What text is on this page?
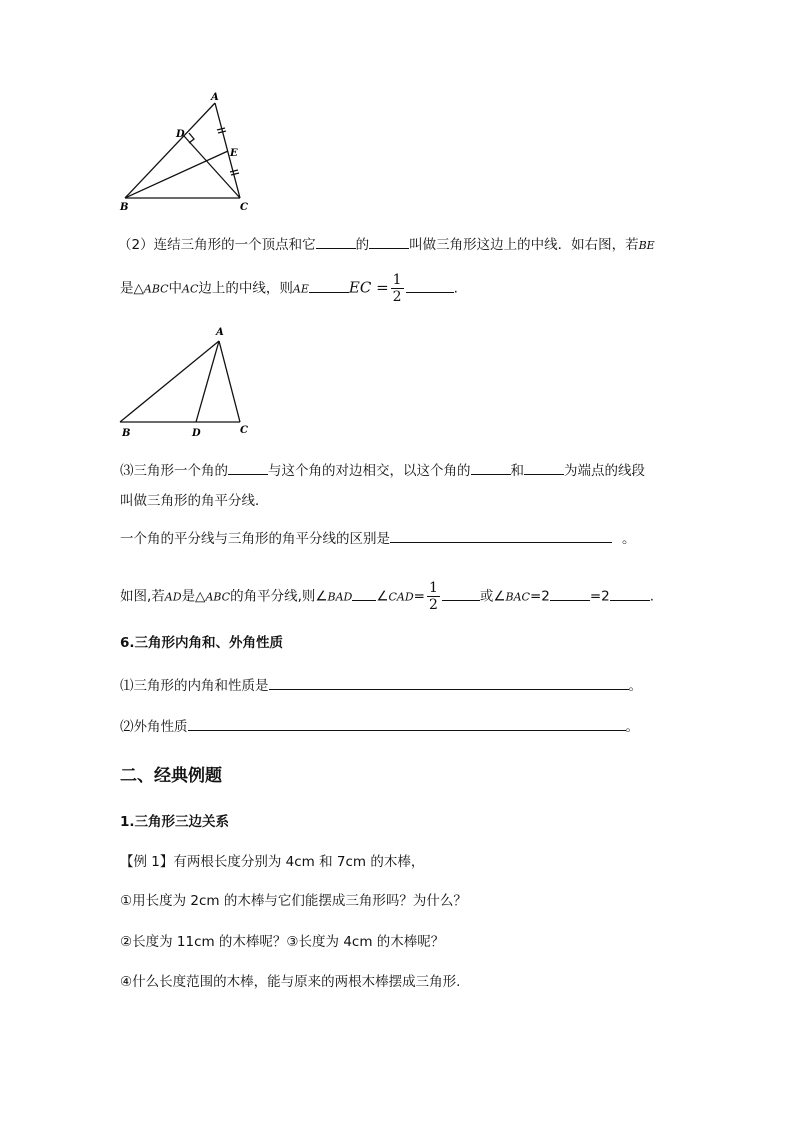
A
D
E
B	C
（2）连结三角形的一个顶点和它	的	叫做三角形这边上的中线．如右图，若BE
是△ABC中AC边上的中线，则AE	EC = $\frac{1}{2}$	.
A
B	D	C
⑶三角形一个角的	与这个角的对边相交，以这个角的	和	为端点的线段
叫做三角形的角平分线．
一个角的平分线与三角形的角平分线的区别是	。
如图,若AD是△ABC的角平分线,则∠BAD ∠CAD= $\frac{1}{2}$	或∠BAC=2	=2	.
6.三角形内角和、外角性质
⑴三角形的内角和性质是	。
⑵外角性质	。
二、经典例题
1.三角形三边关系
【例 1】有两根长度分别为 4cm 和 7cm 的木棒，
①用长度为 2cm 的木棒与它们能摆成三角形吗？为什么？
②长度为 11cm 的木棒呢？③长度为 4cm 的木棒呢？
④什么长度范围的木棒，能与原来的两根木棒摆成三角形.
